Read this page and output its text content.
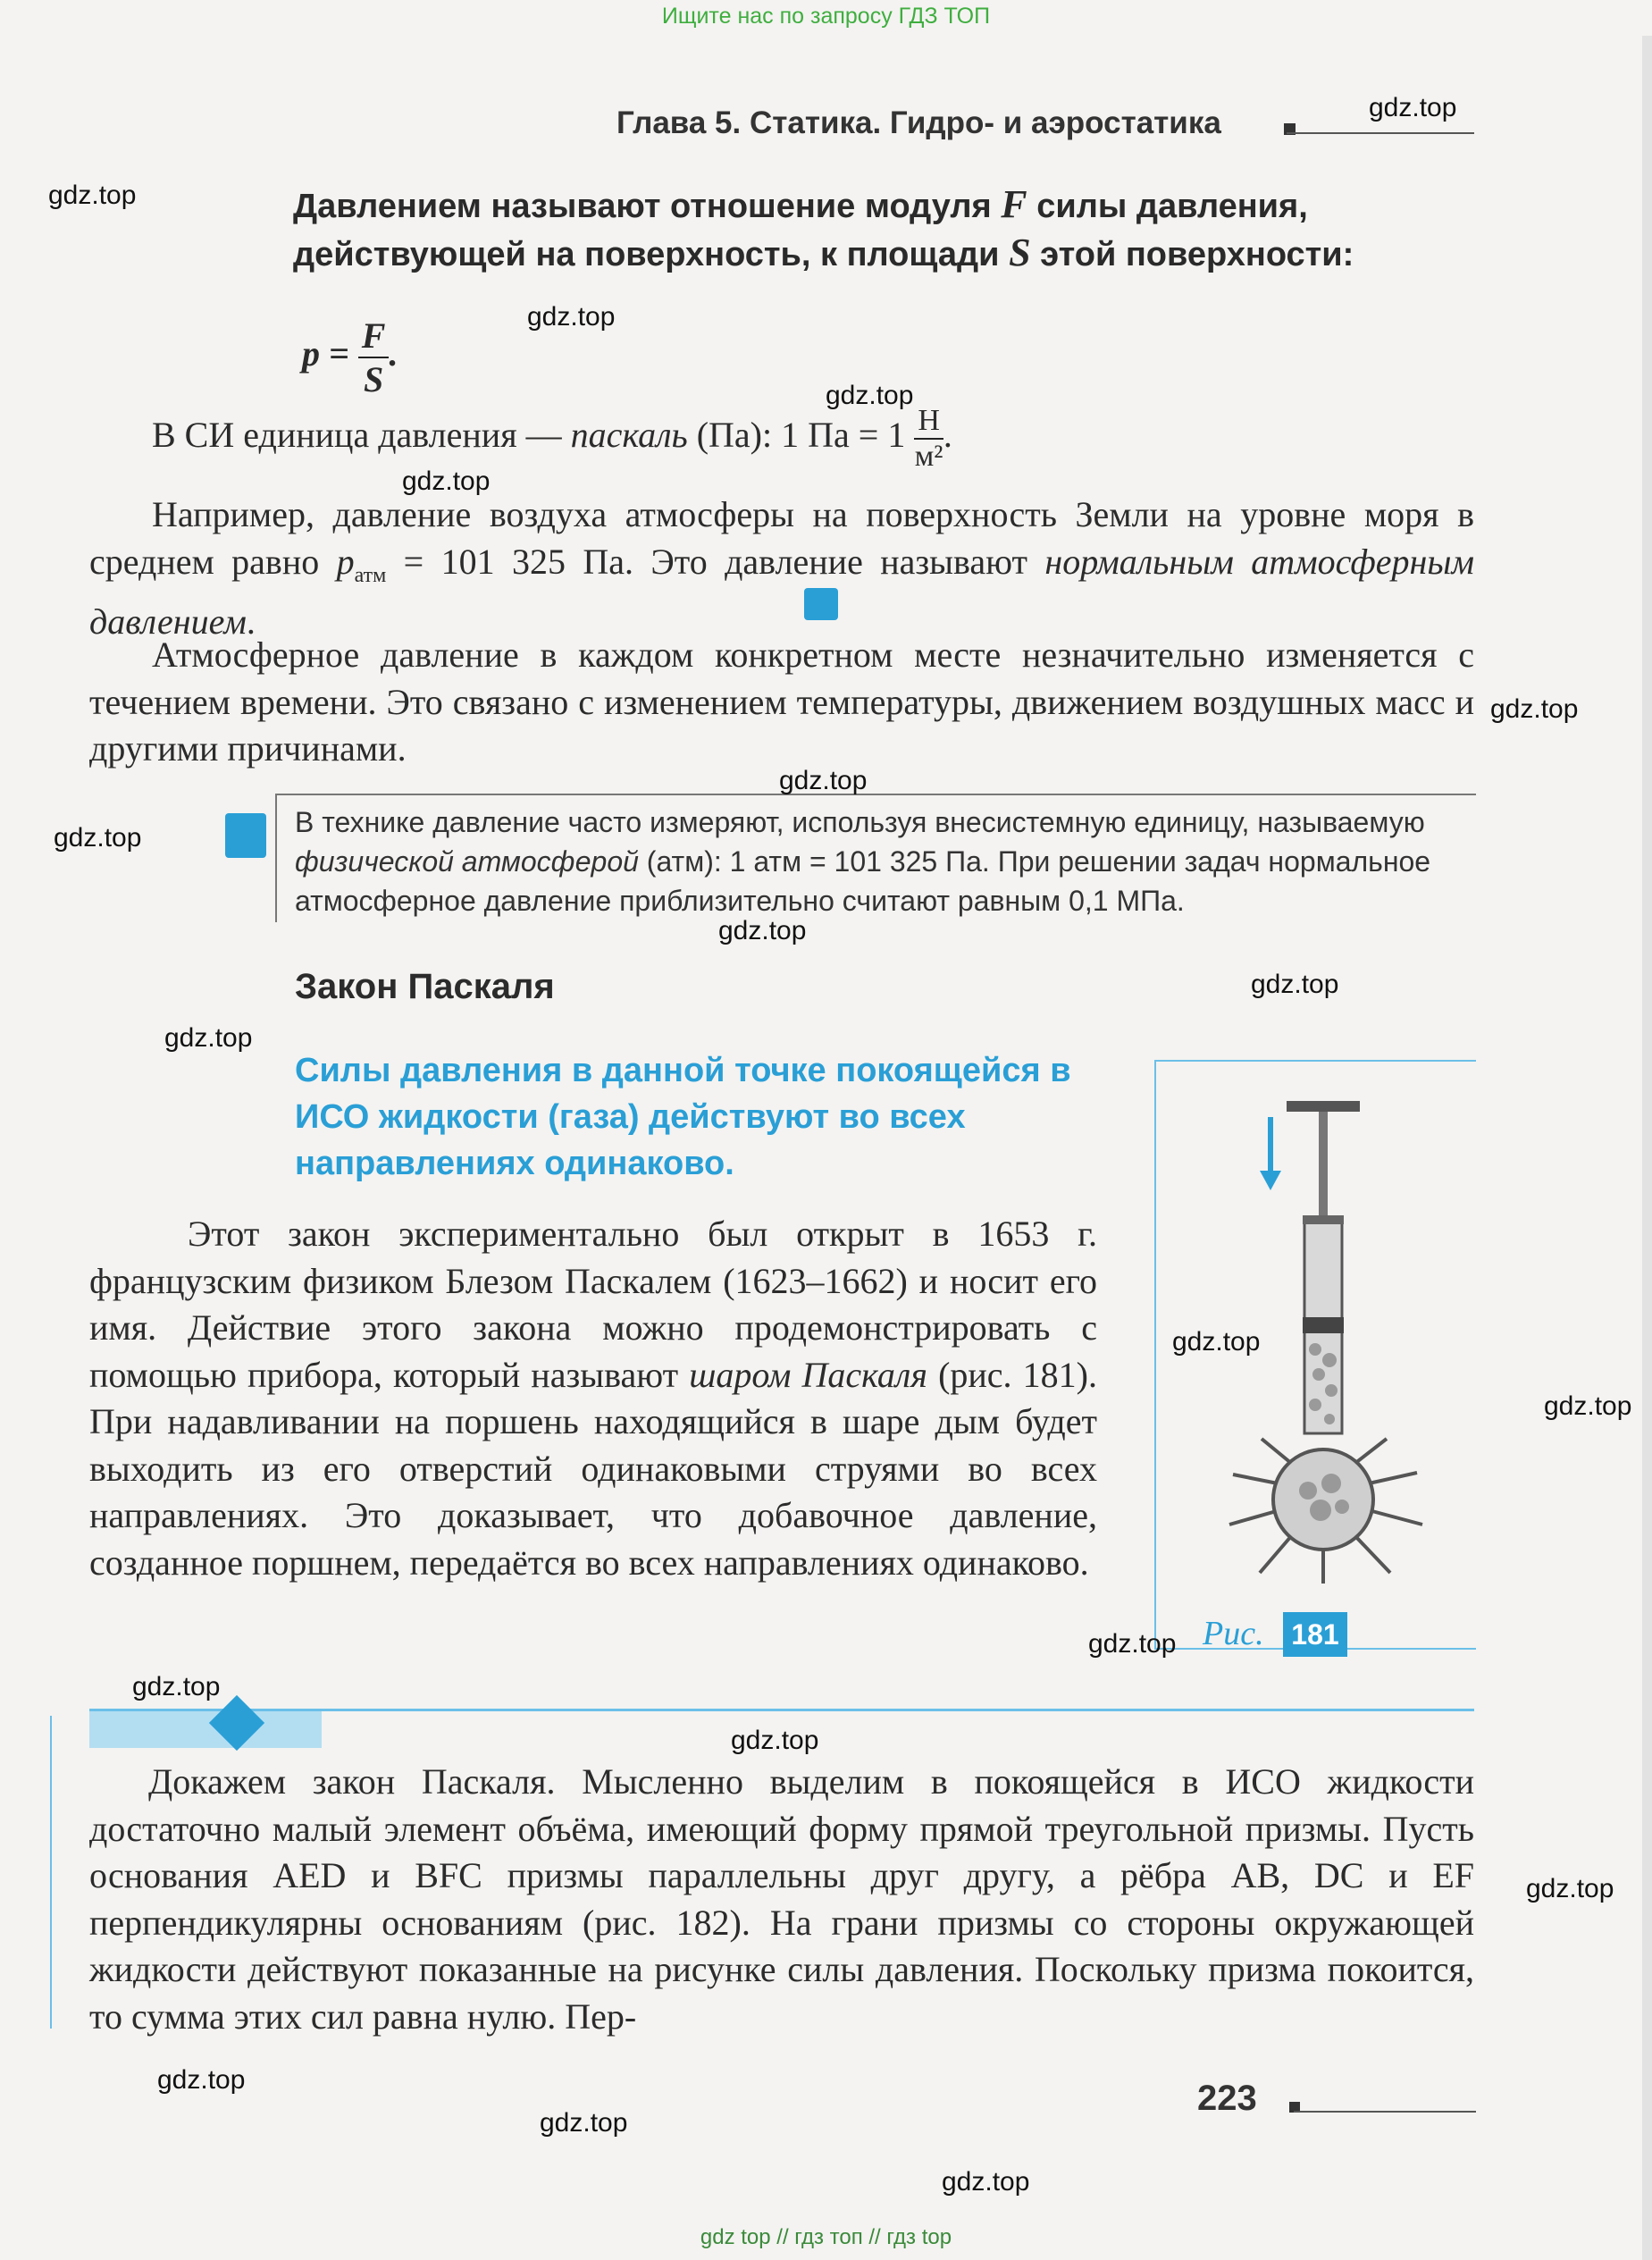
Ищите нас по запросу ГДЗ ТОП
Глава 5. Статика. Гидро- и аэростатика
Давлением называют отношение модуля F силы давления, действующей на поверхность, к площади S этой поверхности:
$p = \frac{F}{S}$ .
В СИ единица давления — паскаль (Па): 1 Па = $1 \frac{Н}{\text{м²}}$ .
Например, давление воздуха атмосферы на поверхность Земли на уровне моря в среднем равно $p_{атм} = 101$ 325 Па. Это давление называют нормальным атмосферным давлением.
Атмосферное давление в каждом конкретном месте незначительно изменяется с течением времени. Это связано с изменением температуры, движением воздушных масс и другими причинами.
В технике давление часто измеряют, используя внесистемную единицу, называемую физической атмосферой (атм): 1 атм = 101 325 Па. При решении задач нормальное атмосферное давление приблизительно считают равным 0,1 МПа.
Закон Паскаля
Силы давления в данной точке покоящейся в ИСО жидкости (газа) действуют во всех направлениях одинаково.
Этот закон экспериментально был открыт в 1653 г. французским физиком Блезом Паскалем (1623–1662) и носит его имя. Действие этого закона можно продемонстрировать с помощью прибора, который называют шаром Паскаля (рис. 181). При надавливании на поршень находящийся в шаре дым будет выходить из его отверстий одинаковыми струями во всех направлениях. Это доказывает, что добавочное давление, созданное поршнем, передаётся во всех направлениях одинаково.
Рис. 181
Докажем закон Паскаля. Мысленно выделим в покоящейся в ИСО жидкости достаточно малый элемент объёма, имеющий форму прямой треугольной призмы. Пусть основания AED и BFC призмы параллельны друг другу, а рёбра AB, DC и EF перпендикулярны основаниям (рис. 182). На грани призмы со стороны окружающей жидкости действуют показанные на рисунке силы давления. Поскольку призма покоится, то сумма этих сил равна нулю. Пер-
223
gdz.top
gdz.top
gdz.top
gdz.top
gdz.top
gdz.top
gdz.top
gdz.top
gdz.top
gdz.top
gdz.top
gdz.top
gdz.top
gdz.top
gdz.top
gdz.top
gdz.top
gdz.top
gdz.top
gdz.top
gdz top // гдз топ // гдз top
